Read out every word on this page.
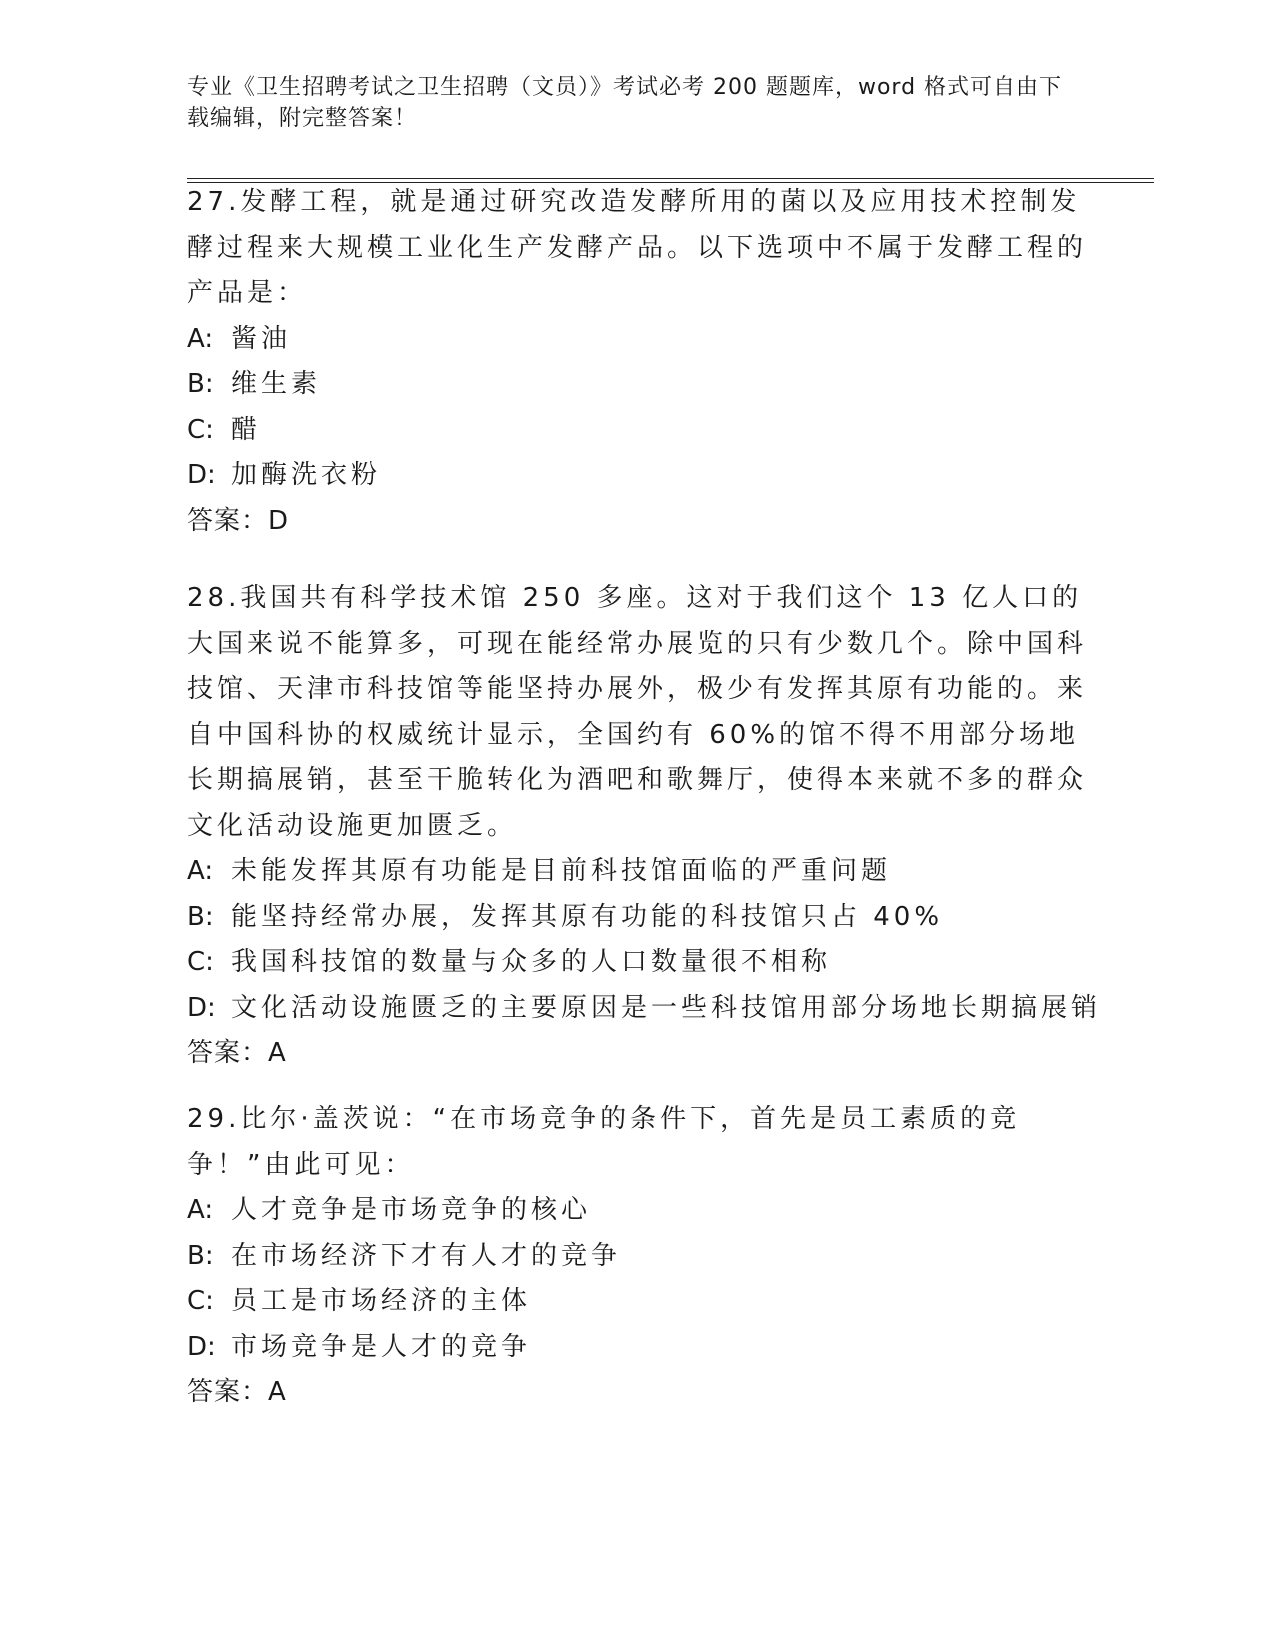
专业《卫生招聘考试之卫生招聘（文员）》考试必考 200 题题库，word 格式可自由下载编辑，附完整答案！

27.发酵工程，就是通过研究改造发酵所用的菌以及应用技术控制发酵过程来大规模工业化生产发酵产品。以下选项中不属于发酵工程的产品是：

A: 酱油

B: 维生素

C: 醋

D: 加酶洗衣粉

答案：D

28.我国共有科学技术馆 250 多座。这对于我们这个 13 亿人口的大国来说不能算多，可现在能经常办展览的只有少数几个。除中国科技馆、天津市科技馆等能坚持办展外，极少有发挥其原有功能的。来自中国科协的权威统计显示，全国约有 60%的馆不得不用部分场地长期搞展销，甚至干脆转化为酒吧和歌舞厅，使得本来就不多的群众文化活动设施更加匮乏。

A: 未能发挥其原有功能是目前科技馆面临的严重问题

B: 能坚持经常办展，发挥其原有功能的科技馆只占 40%

C: 我国科技馆的数量与众多的人口数量很不相称

D: 文化活动设施匮乏的主要原因是一些科技馆用部分场地长期搞展销

答案：A

29.比尔·盖茨说：“在市场竞争的条件下，首先是员工素质的竞争！”由此可见：

A: 人才竞争是市场竞争的核心

B: 在市场经济下才有人才的竞争

C: 员工是市场经济的主体

D: 市场竞争是人才的竞争

答案：A
